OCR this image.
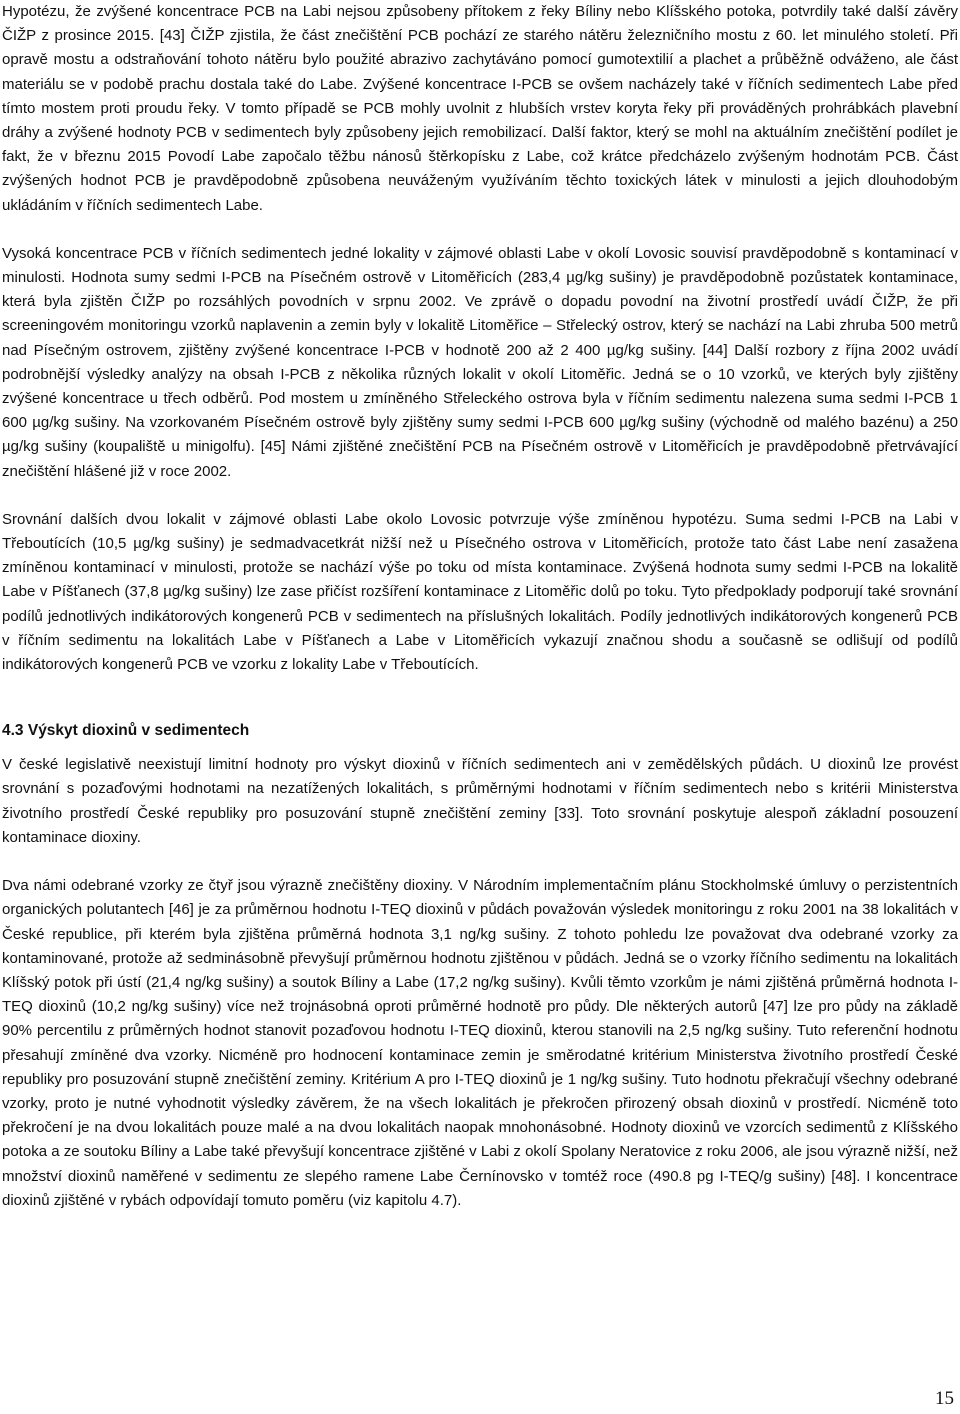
Hypotézu, že zvýšené koncentrace PCB na Labi nejsou způsobeny přítokem z řeky Bíliny nebo Klíšského potoka, potvrdily také další závěry ČIŽP z prosince 2015. [43] ČIŽP zjistila, že část znečištění PCB pochází ze starého nátěru železničního mostu z 60. let minulého století. Při opravě mostu a odstraňování tohoto nátěru bylo použité abrazivo zachytáváno pomocí gumotextilií a plachet a průběžně odváženo, ale část materiálu se v podobě prachu dostala také do Labe. Zvýšené koncentrace I-PCB se ovšem nacházely také v říčních sedimentech Labe před tímto mostem proti proudu řeky. V tomto případě se PCB mohly uvolnit z hlubších vrstev koryta řeky při prováděných prohrábkách plavební dráhy a zvýšené hodnoty PCB v sedimentech byly způsobeny jejich remobilizací. Další faktor, který se mohl na aktuálním znečištění podílet je fakt, že v březnu 2015 Povodí Labe započalo těžbu nánosů štěrkopísku z Labe, což krátce předcházelo zvýšeným hodnotám PCB. Část zvýšených hodnot PCB je pravděpodobně způsobena neuváženým využíváním těchto toxických látek v minulosti a jejich dlouhodobým ukládáním v říčních sedimentech Labe.

Vysoká koncentrace PCB v říčních sedimentech jedné lokality v zájmové oblasti Labe v okolí Lovosic souvisí pravděpodobně s kontaminací v minulosti. Hodnota sumy sedmi I-PCB na Písečném ostrově v Litoměřicích (283,4 µg/kg sušiny) je pravděpodobně pozůstatek kontaminace, která byla zjištěn ČIŽP po rozsáhlých povodních v srpnu 2002. Ve zprávě o dopadu povodní na životní prostředí uvádí ČIŽP, že při screeningovém monitoringu vzorků naplavenin a zemin byly v lokalitě Litoměřice – Střelecký ostrov, který se nachází na Labi zhruba 500 metrů nad Písečným ostrovem, zjištěny zvýšené koncentrace I-PCB v hodnotě 200 až 2 400 µg/kg sušiny. [44] Další rozbory z října 2002 uvádí podrobnější výsledky analýzy na obsah I-PCB z několika různých lokalit v okolí Litoměřic. Jedná se o 10 vzorků, ve kterých byly zjištěny zvýšené koncentrace u třech odběrů. Pod mostem u zmíněného Střeleckého ostrova byla v říčním sedimentu nalezena suma sedmi I-PCB 1 600 µg/kg sušiny. Na vzorkovaném Písečném ostrově byly zjištěny sumy sedmi I-PCB 600 µg/kg sušiny (východně od malého bazénu) a 250 µg/kg sušiny (koupaliště u minigolfu). [45] Námi zjištěné znečištění PCB na Písečném ostrově v Litoměřicích je pravděpodobně přetrvávající znečištění hlášené již v roce 2002.

Srovnání dalších dvou lokalit v zájmové oblasti Labe okolo Lovosic potvrzuje výše zmíněnou hypotézu. Suma sedmi I-PCB na Labi v Třeboutících (10,5 µg/kg sušiny) je sedmadvacetkrát nižší než u Písečného ostrova v Litoměřicích, protože tato část Labe není zasažena zmíněnou kontaminací v minulosti, protože se nachází výše po toku od místa kontaminace. Zvýšená hodnota sumy sedmi I-PCB na lokalitě Labe v Píšťanech (37,8 µg/kg sušiny) lze zase přičíst rozšíření kontaminace z Litoměřic dolů po toku. Tyto předpoklady podporují také srovnání podílů jednotlivých indikátorových kongenerů PCB v sedimentech na příslušných lokalitách. Podíly jednotlivých indikátorových kongenerů PCB v říčním sedimentu na lokalitách Labe v Píšťanech a Labe v Litoměřicích vykazují značnou shodu a současně se odlišují od podílů indikátorových kongenerů PCB ve vzorku z lokality Labe v Třeboutících.

4.3 Výskyt dioxinů v sedimentech

V české legislativě neexistují limitní hodnoty pro výskyt dioxinů v říčních sedimentech ani v zemědělských půdách. U dioxinů lze provést srovnání s pozaďovými hodnotami na nezatížených lokalitách, s průměrnými hodnotami v říčním sedimentech nebo s kritérii Ministerstva životního prostředí České republiky pro posuzování stupně znečištění zeminy [33]. Toto srovnání poskytuje alespoň základní posouzení kontaminace dioxiny.

Dva námi odebrané vzorky ze čtyř jsou výrazně znečištěny dioxiny. V Národním implementačním plánu Stockholmské úmluvy o perzistentních organických polutantech [46] je za průměrnou hodnotu I-TEQ dioxinů v půdách považován výsledek monitoringu z roku 2001 na 38 lokalitách v České republice, při kterém byla zjištěna průměrná hodnota 3,1 ng/kg sušiny. Z tohoto pohledu lze považovat dva odebrané vzorky za kontaminované, protože až sedminásobně převyšují průměrnou hodnotu zjištěnou v půdách. Jedná se o vzorky říčního sedimentu na lokalitách Klíšský potok při ústí (21,4 ng/kg sušiny) a soutok Bíliny a Labe (17,2 ng/kg sušiny). Kvůli těmto vzorkům je námi zjištěná průměrná hodnota I-TEQ dioxinů (10,2 ng/kg sušiny) více než trojnásobná oproti průměrné hodnotě pro půdy. Dle některých autorů [47] lze pro půdy na základě 90% percentilu z průměrných hodnot stanovit pozaďovou hodnotu I-TEQ dioxinů, kterou stanovili na 2,5 ng/kg sušiny. Tuto referenční hodnotu přesahují zmíněné dva vzorky. Nicméně pro hodnocení kontaminace zemin je směrodatné kritérium Ministerstva životního prostředí České republiky pro posuzování stupně znečištění zeminy. Kritérium A pro I-TEQ dioxinů je 1 ng/kg sušiny. Tuto hodnotu překračují všechny odebrané vzorky, proto je nutné vyhodnotit výsledky závěrem, že na všech lokalitách je překročen přirozený obsah dioxinů v prostředí. Nicméně toto překročení je na dvou lokalitách pouze malé a na dvou lokalitách naopak mnohonásobné. Hodnoty dioxinů ve vzorcích sedimentů z Klíšského potoka a ze soutoku Bíliny a Labe také převyšují koncentrace zjištěné v Labi z okolí Spolany Neratovice z roku 2006, ale jsou výrazně nižší, než množství dioxinů naměřené v sedimentu ze slepého ramene Labe Černínovsko v tomtéž roce (490.8 pg I-TEQ/g sušiny) [48]. I koncentrace dioxinů zjištěné v rybách odpovídají tomuto poměru (viz kapitolu 4.7).

15
